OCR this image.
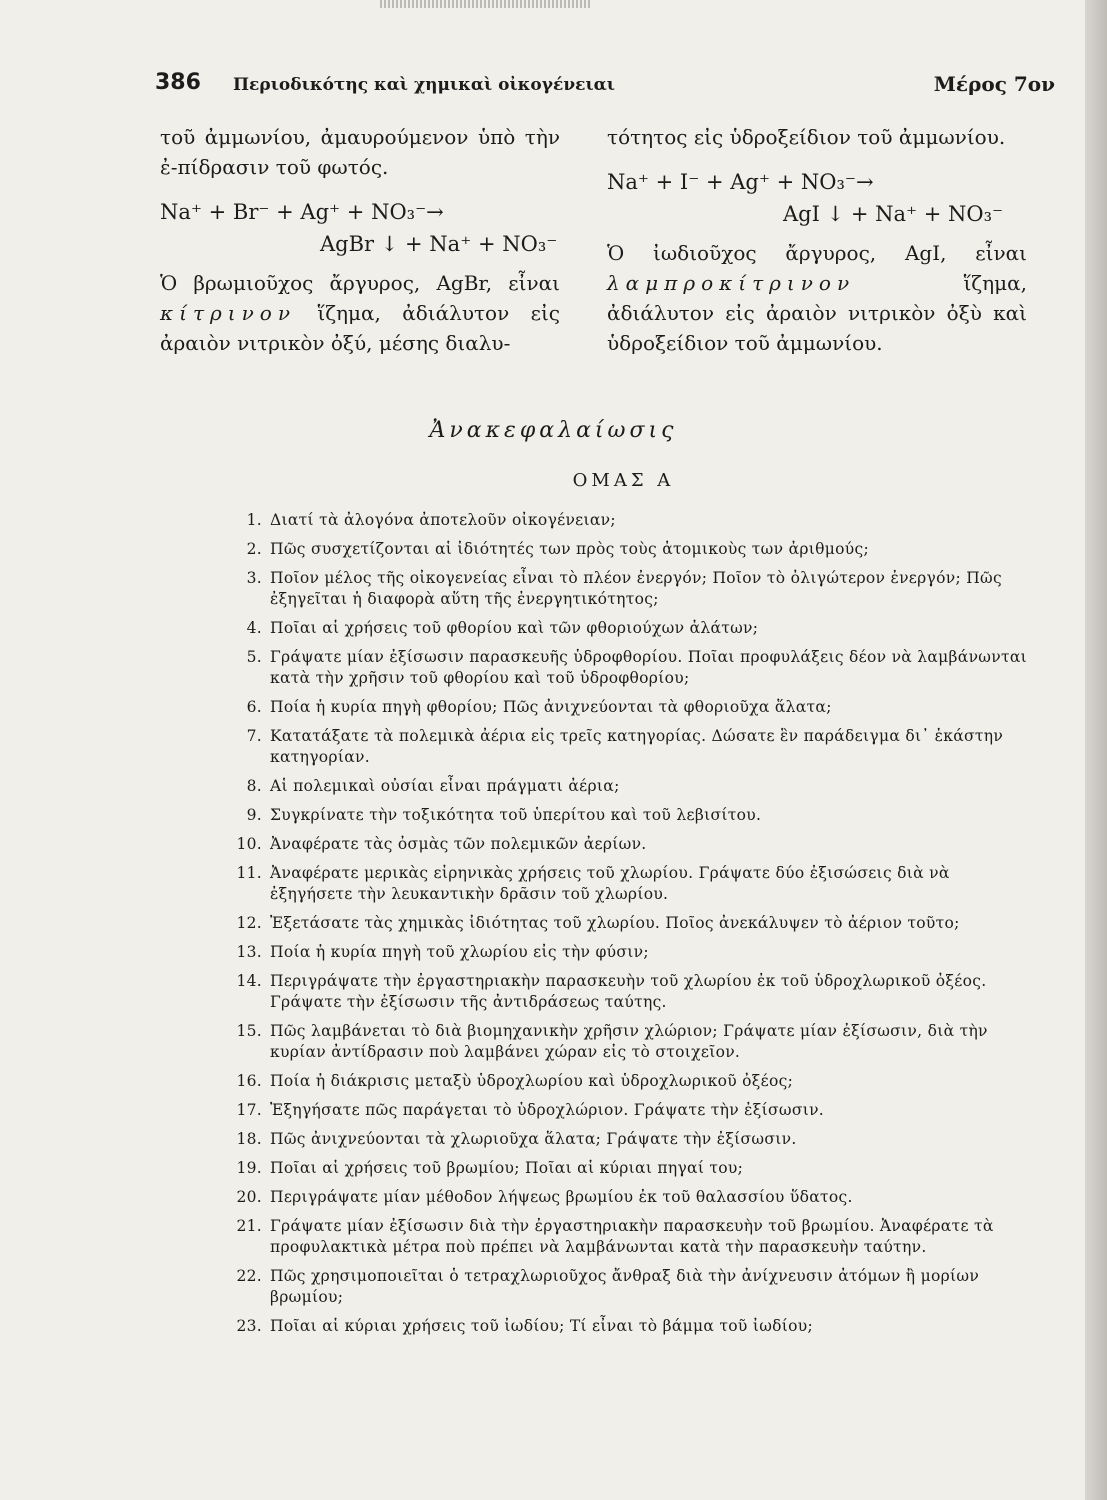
386 Περιοδικότης καὶ χημικαὶ οἰκογένειαι	Μέρος 7ον

τοῦ ἀμμωνίου, ἀμαυρούμενον ὑπὸ τὴν ἐ-πίδρασιν τοῦ φωτός.

Na⁺ + Br⁻ + Ag⁺ + NO₃⁻→
AgBr ↓ + Na⁺ + NO₃⁻

Ὁ βρωμιοῦχος ἄργυρος, AgBr, εἶναι κίτρινον ἵζημα, ἀδιάλυτον εἰς ἀραιὸν νιτρικὸν ὀξύ, μέσης διαλυ-

τότητος εἰς ὑδροξείδιον τοῦ ἀμμωνίου.

Na⁺ + I⁻ + Ag⁺ + NO₃⁻→
AgI ↓ + Na⁺ + NO₃⁻

Ὁ ἰωδιοῦχος ἄργυρος, AgI, εἶναι λαμπροκίτρινον	ἵζημα, ἀδιάλυτον εἰς ἀραιὸν νιτρικὸν ὀξὺ καὶ ὑδροξείδιον τοῦ ἀμμωνίου.

Ἀνακεφαλαίωσις
ΟΜΑΣ Α
1. Διατί τὰ ἀλογόνα ἀποτελοῦν οἰκογένειαν;
2. Πῶς συσχετίζονται αἱ ἰδιότητές των πρὸς τοὺς ἀτομικοὺς των ἀριθμούς;
3. Ποῖον μέλος τῆς οἰκογενείας εἶναι τὸ πλέον ἐνεργόν; Ποῖον τὸ ὀλιγώτερον ἐνεργόν; Πῶς ἐξηγεῖται ἡ διαφορὰ αὕτη τῆς ἐνεργητικότητος;
4. Ποῖαι αἱ χρήσεις τοῦ φθορίου καὶ τῶν φθοριούχων ἀλάτων;
5. Γράψατε μίαν ἐξίσωσιν παρασκευῆς ὑδροφθορίου. Ποῖαι προφυλάξεις δέον νὰ λαμβάνωνται κατὰ τὴν χρῆσιν τοῦ φθορίου καὶ τοῦ ὑδροφθορίου;
6. Ποία ἡ κυρία πηγὴ φθορίου; Πῶς ἀνιχνεύονται τὰ φθοριοῦχα ἅλατα;
7. Κατατάξατε τὰ πολεμικὰ ἀέρια εἰς τρεῖς κατηγορίας. Δώσατε ἓν παράδειγμα δι᾽ ἑκάστην κατηγορίαν.
8. Αἱ πολεμικαὶ οὐσίαι εἶναι πράγματι ἀέρια;
9. Συγκρίνατε τὴν τοξικότητα τοῦ ὑπερίτου καὶ τοῦ λεβισίτου.
10. Ἀναφέρατε τὰς ὀσμὰς τῶν πολεμικῶν ἀερίων.
11. Ἀναφέρατε μερικὰς εἰρηνικὰς χρήσεις τοῦ χλωρίου. Γράψατε δύο ἐξισώσεις διὰ νὰ ἐξηγήσετε τὴν λευκαντικὴν δρᾶσιν τοῦ χλωρίου.
12. Ἐξετάσατε τὰς χημικὰς ἰδιότητας τοῦ χλωρίου. Ποῖος ἀνεκάλυψεν τὸ ἀέριον τοῦτο;
13. Ποία ἡ κυρία πηγὴ τοῦ χλωρίου εἰς τὴν φύσιν;
14. Περιγράψατε τὴν ἐργαστηριακὴν παρασκευὴν τοῦ χλωρίου ἐκ τοῦ ὑδροχλωρικοῦ ὀξέος. Γράψατε τὴν ἐξίσωσιν τῆς ἀντιδράσεως ταύτης.
15. Πῶς λαμβάνεται τὸ διὰ βιομηχανικὴν χρῆσιν χλώριον; Γράψατε μίαν ἐξίσωσιν, διὰ τὴν κυρίαν ἀντίδρασιν ποὺ λαμβάνει χώραν εἰς τὸ στοιχεῖον.
16. Ποία ἡ διάκρισις μεταξὺ ὑδροχλωρίου καὶ ὑδροχλωρικοῦ ὀξέος;
17. Ἐξηγήσατε πῶς παράγεται τὸ ὑδροχλώριον. Γράψατε τὴν ἐξίσωσιν.
18. Πῶς ἀνιχνεύονται τὰ χλωριοῦχα ἅλατα; Γράψατε τὴν ἐξίσωσιν.
19. Ποῖαι αἱ χρήσεις τοῦ βρωμίου; Ποῖαι αἱ κύριαι πηγαί του;
20. Περιγράψατε μίαν μέθοδον λήψεως βρωμίου ἐκ τοῦ θαλασσίου ὕδατος.
21. Γράψατε μίαν ἐξίσωσιν διὰ τὴν ἐργαστηριακὴν παρασκευὴν τοῦ βρωμίου. Ἀναφέρατε τὰ προφυλακτικὰ μέτρα ποὺ πρέπει νὰ λαμβάνωνται κατὰ τὴν παρασκευὴν ταύτην.
22. Πῶς χρησιμοποιεῖται ὁ τετραχλωριοῦχος ἄνθραξ διὰ τὴν ἀνίχνευσιν ἀτόμων ἢ μορίων βρωμίου;
23. Ποῖαι αἱ κύριαι χρήσεις τοῦ ἰωδίου; Τί εἶναι τὸ βάμμα τοῦ ἰωδίου;
